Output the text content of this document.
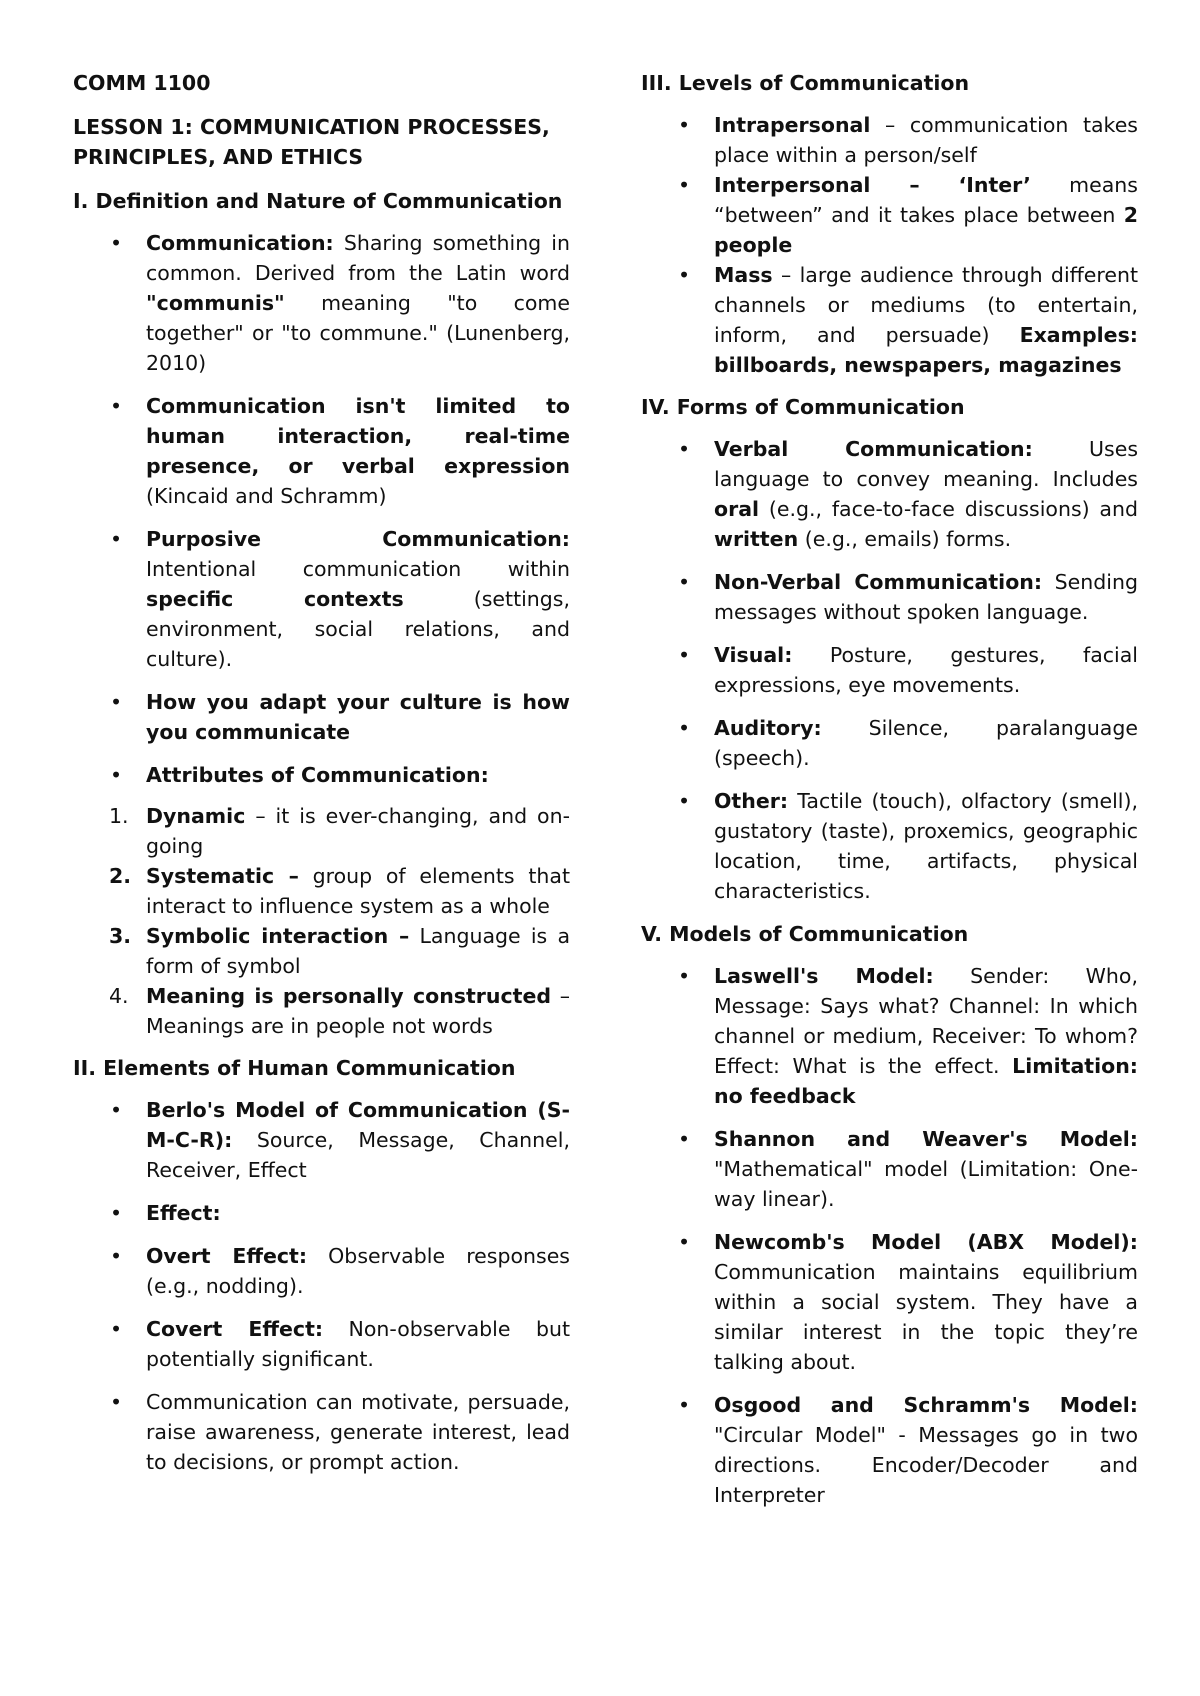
COMM 1100
LESSON 1: COMMUNICATION PROCESSES, PRINCIPLES, AND ETHICS
I. Definition and Nature of Communication
• Communication: Sharing something in common. Derived from the Latin word "communis" meaning "to come together" or "to commune." (Lunenberg, 2010)
• Communication isn't limited to human interaction, real-time presence, or verbal expression (Kincaid and Schramm)
• Purposive Communication: Intentional communication within specific contexts (settings, environment, social relations, and culture).
• How you adapt your culture is how you communicate
• Attributes of Communication:
1. Dynamic – it is ever-changing, and on-going
2. Systematic – group of elements that interact to influence system as a whole
3. Symbolic interaction – Language is a form of symbol
4. Meaning is personally constructed – Meanings are in people not words
II. Elements of Human Communication
• Berlo's Model of Communication (S-M-C-R): Source, Message, Channel, Receiver, Effect
• Effect:
• Overt Effect: Observable responses (e.g., nodding).
• Covert Effect: Non-observable but potentially significant.
• Communication can motivate, persuade, raise awareness, generate interest, lead to decisions, or prompt action.
III. Levels of Communication
• Intrapersonal – communication takes place within a person/self
• Interpersonal – ‘Inter’ means “between” and it takes place between 2 people
• Mass – large audience through different channels or mediums (to entertain, inform, and persuade) Examples: billboards, newspapers, magazines
IV. Forms of Communication
• Verbal Communication: Uses language to convey meaning. Includes oral (e.g., face-to-face discussions) and written (e.g., emails) forms.
• Non-Verbal Communication: Sending messages without spoken language.
• Visual: Posture, gestures, facial expressions, eye movements.
• Auditory: Silence, paralanguage (speech).
• Other: Tactile (touch), olfactory (smell), gustatory (taste), proxemics, geographic location, time, artifacts, physical characteristics.
V. Models of Communication
• Laswell's Model: Sender: Who, Message: Says what? Channel: In which channel or medium, Receiver: To whom? Effect: What is the effect. Limitation: no feedback
• Shannon and Weaver's Model: "Mathematical" model (Limitation: One-way linear).
• Newcomb's Model (ABX Model): Communication maintains equilibrium within a social system. They have a similar interest in the topic they’re talking about.
• Osgood and Schramm's Model: "Circular Model" - Messages go in two directions. Encoder/Decoder and Interpreter
